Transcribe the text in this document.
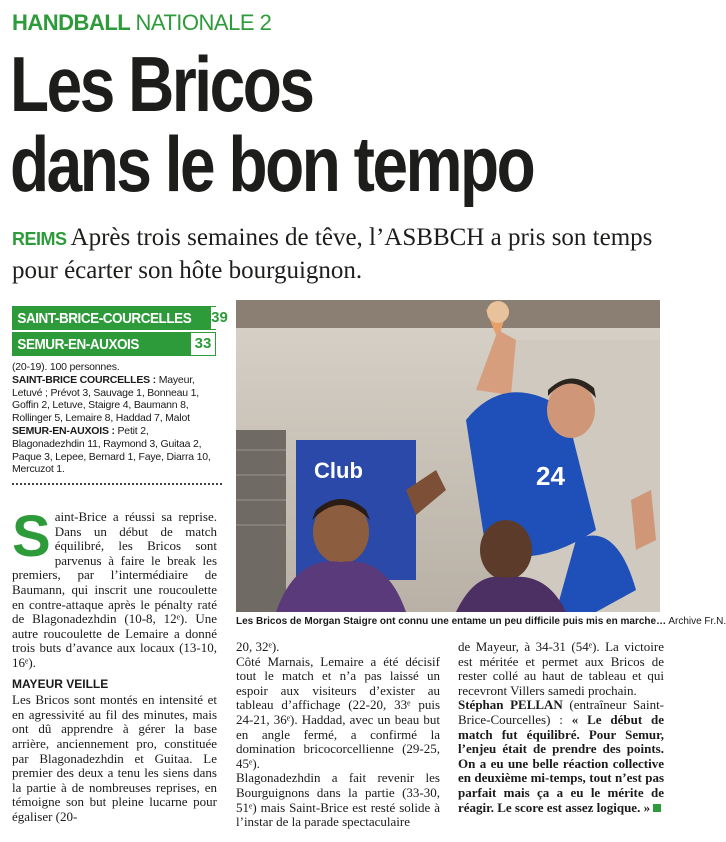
HANDBALL NATIONALE 2
Les Bricos
dans le bon tempo
REIMS Après trois semaines de têve, l’ASBBCH a pris son temps pour écarter son hôte bourguignon.
SAINT-BRICE-COURCELLES 39
SEMUR-EN-AUXOIS	33
(20-19). 100 personnes.
SAINT-BRICE COURCELLES : Mayeur, Letuvé ; Prévot 3, Sauvage 1, Bonneau 1, Goffin 2, Letuve, Staigre 4, Baumann 8, Rollinger 5, Lemaire 8, Haddad 7, Malot
SEMUR-EN-AUXOIS : Petit 2, Blagonadezhdin 11, Raymond 3, Guitaa 2, Paque 3, Lepee, Bernard 1, Faye, Diarra 10, Mercuzot 1.	Club	24
Les Bricos de Morgan Staigre ont connu une entame un peu difficile puis mis en marche… Archive Fr.N.

Saint-Brice a réussi sa reprise. Dans un début de match équilibré, les Bricos sont parvenus à faire le break les premiers, par l’intermédiaire de Baumann, qui inscrit une roucoulette en contre-attaque après le pénalty raté de Blagonadezhdin (10-8, 12ᵉ). Une autre roucoulette de Lemaire a donné trois buts d’avance aux locaux (13-10, 16ᵉ).

MAYEUR VEILLE

Les Bricos sont montés en intensité et en agressivité au fil des minutes, mais ont dû apprendre à gérer la base arrière, anciennement pro, constituée par Blagonadezhdin et Guitaa. Le premier des deux a tenu les siens dans la partie à de nombreuses reprises, en témoigne son but pleine lucarne pour égaliser (20-

20, 32ᵉ).

Côté Marnais, Lemaire a été décisif tout le match et n’a pas laissé un espoir aux visiteurs d’exister au tableau d’affichage (22-20, 33ᵉ puis 24-21, 36ᵉ). Haddad, avec un beau but en angle fermé, a confirmé la domination bricocorcellienne (29-25, 45ᵉ).

Blagonadezhdin a fait revenir les Bourguignons dans la partie (33-30, 51ᵉ) mais Saint-Brice est resté solide à l’instar de la parade spectaculaire

de Mayeur, à 34-31 (54ᵉ). La victoire est méritée et permet aux Bricos de rester collé au haut de tableau et qui recevront Villers samedi prochain.

Stéphan PELLAN (entraîneur Saint-Brice-Courcelles) : « Le début de match fut équilibré. Pour Semur, l’enjeu était de prendre des points. On a eu une belle réaction collective en deuxième mi-temps, tout n’est pas parfait mais ça a eu le mérite de réagir. Le score est assez logique. »
